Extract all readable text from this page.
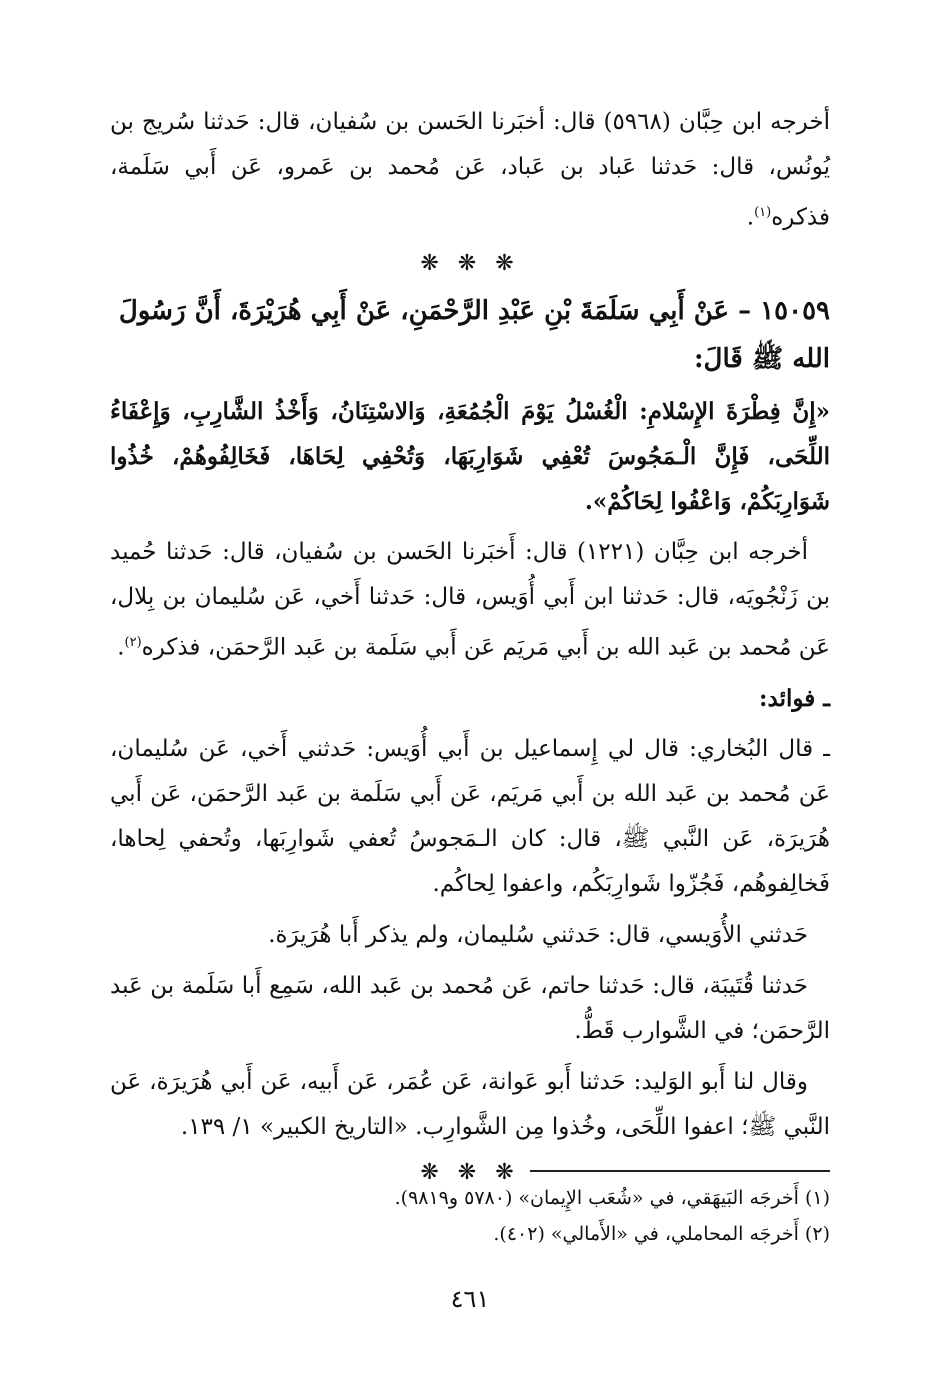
أخرجه ابن حِبَّان (٥٩٦٨) قال: أخبَرنا الحَسن بن سُفيان، قال: حَدثنا سُريج بن يُونُس، قال: حَدثنا عَباد بن عَباد، عَن مُحمد بن عَمرو، عَن أَبي سَلَمة، فذكره$^{(١)}$.

❋ ❋ ❋

١٥٠٥٩ – عَنْ أَبِي سَلَمَةَ بْنِ عَبْدِ الرَّحْمَنِ، عَنْ أَبِي هُرَيْرَةَ، أَنَّ رَسُولَ الله ﷺ قَالَ:

«إِنَّ فِطْرَةَ الإِسْلامِ: الْغُسْلُ يَوْمَ الْجُمُعَةِ، وَالاسْتِنَانُ، وَأَخْذُ الشَّارِبِ، وَإِعْفَاءُ اللِّحَى، فَإِنَّ الْـمَجُوسَ تُعْفِي شَوَارِبَهَا، وَتُحْفِي لِحَاهَا، فَخَالِفُوهُمْ، خُذُوا شَوَارِبَكُمْ، وَاعْفُوا لِحَاكُمْ».

أخرجه ابن حِبَّان (١٢٢١) قال: أَخبَرنا الحَسن بن سُفيان، قال: حَدثنا حُميد بن زَنْجُويَه، قال: حَدثنا ابن أَبي أُوَيس، قال: حَدثنا أَخي، عَن سُليمان بن بِلال، عَن مُحمد بن عَبد الله بن أَبي مَريَم عَن أَبي سَلَمة بن عَبد الرَّحمَن، فذكره$^{(٢)}$.

ـ فوائد:

ـ قال البُخاري: قال لي إِسماعيل بن أَبي أُوَيس: حَدثني أَخي، عَن سُليمان، عَن مُحمد بن عَبد الله بن أَبي مَريَم، عَن أَبي سَلَمة بن عَبد الرَّحمَن، عَن أَبي هُرَيرَة، عَن النَّبي ﷺ، قال: كان الـمَجوسُ تُعفي شَوارِبَها، وتُحفي لِحاها، فَخالِفوهُم، فَجُزّوا شَوارِبَكُم، واعفوا لِحاكُم.

حَدثني الأُوَيسي، قال: حَدثني سُليمان، ولم يذكر أَبا هُرَيرَة.

حَدثنا قُتَيبَة، قال: حَدثنا حاتم، عَن مُحمد بن عَبد الله، سَمِع أَبا سَلَمة بن عَبد الرَّحمَن؛ في الشَّوارب قَطُّ.

وقال لنا أَبو الوَليد: حَدثنا أَبو عَوانة، عَن عُمَر، عَن أَبيه، عَن أَبي هُرَيرَة، عَن النَّبي ﷺ؛ اعفوا اللِّحَى، وخُذوا مِن الشَّوارِب. «التاريخ الكبير» ١/ ١٣٩.

❋ ❋ ❋

(١) أَخرجَه البَيهَقي، في «شُعَب الإِيمان» (٥٧٨٠ و٩٨١٩).

(٢) أَخرجَه المحاملي، في «الأَمالي» (٤٠٢).

٤٦١
